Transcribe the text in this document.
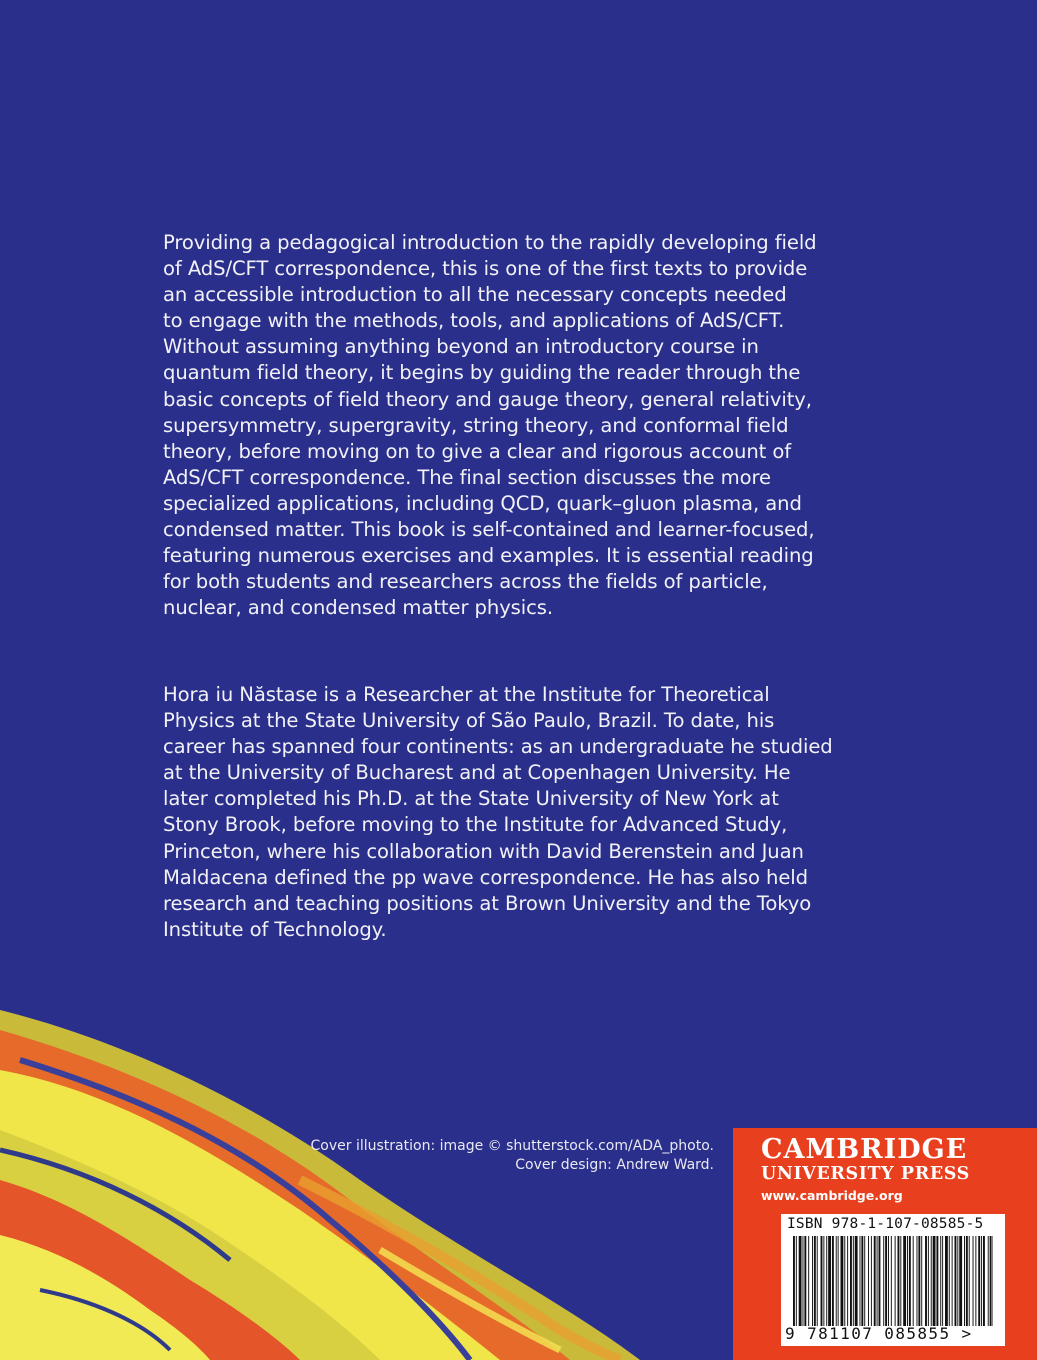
Providing a pedagogical introduction to the rapidly developing field
of AdS/CFT correspondence, this is one of the first texts to provide
an accessible introduction to all the necessary concepts needed
to engage with the methods, tools, and applications of AdS/CFT.
Without assuming anything beyond an introductory course in
quantum field theory, it begins by guiding the reader through the
basic concepts of field theory and gauge theory, general relativity,
supersymmetry, supergravity, string theory, and conformal field
theory, before moving on to give a clear and rigorous account of
AdS/CFT correspondence. The final section discusses the more
specialized applications, including QCD, quark–gluon plasma, and
condensed matter. This book is self-contained and learner-focused,
featuring numerous exercises and examples. It is essential reading
for both students and researchers across the fields of particle,
nuclear, and condensed matter physics.
Hora iu Năstase is a Researcher at the Institute for Theoretical
Physics at the State University of São Paulo, Brazil. To date, his
career has spanned four continents: as an undergraduate he studied
at the University of Bucharest and at Copenhagen University. He
later completed his Ph.D. at the State University of New York at
Stony Brook, before moving to the Institute for Advanced Study,
Princeton, where his collaboration with David Berenstein and Juan
Maldacena defined the pp wave correspondence. He has also held
research and teaching positions at Brown University and the Tokyo
Institute of Technology.
Cover illustration: image © shutterstock.com/ADA_photo.
Cover design: Andrew Ward. CAMBRIDGE
UNIVERSITY PRESS
www.cambridge.org
ISBN 978-1-107-08585-5
9 781107 085855 >
